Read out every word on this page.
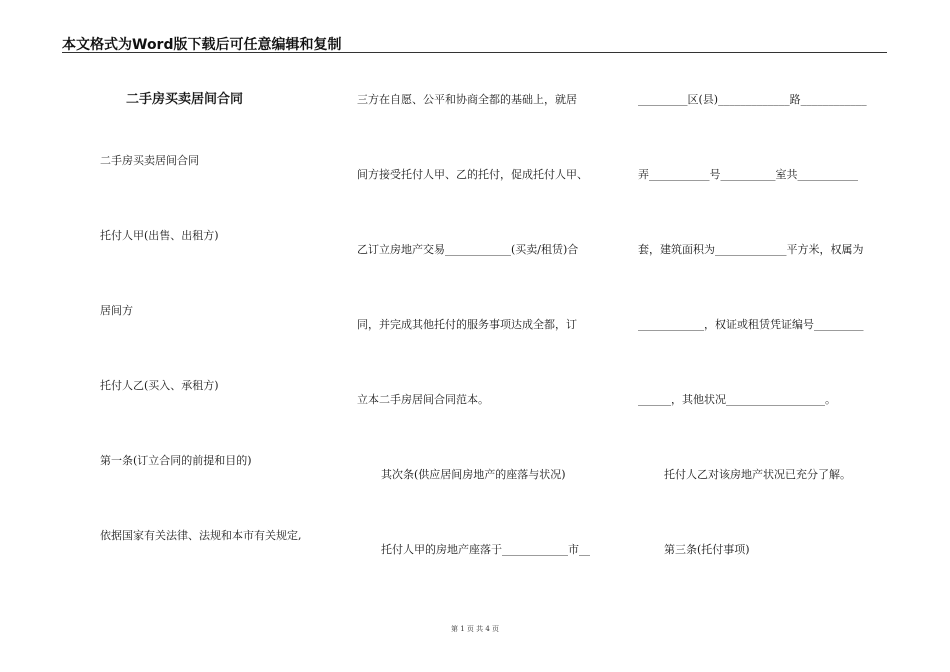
本文格式为Word版下载后可任意编辑和复制
二手房买卖居间合同
二手房买卖居间合同
托付人甲(出售、出租方)
居间方
托付人乙(买入、承租方)
第一条(订立合同的前提和目的)
依据国家有关法律、法规和本市有关规定,
三方在自愿、公平和协商全都的基础上，就居
间方接受托付人甲、乙的托付，促成托付人甲、
乙订立房地产交易____________(买卖/租赁)合
同，并完成其他托付的服务事项达成全都，订
立本二手房居间合同范本。
其次条(供应居间房地产的座落与状况)
托付人甲的房地产座落于____________市__
_________区(县)_____________路____________
弄___________号__________室共___________
套，建筑面积为_____________平方米，权属为
____________，权证或租赁凭证编号_________
______，其他状况__________________。
托付人乙对该房地产状况已充分了解。
第三条(托付事项)
第 1 页 共 4 页
